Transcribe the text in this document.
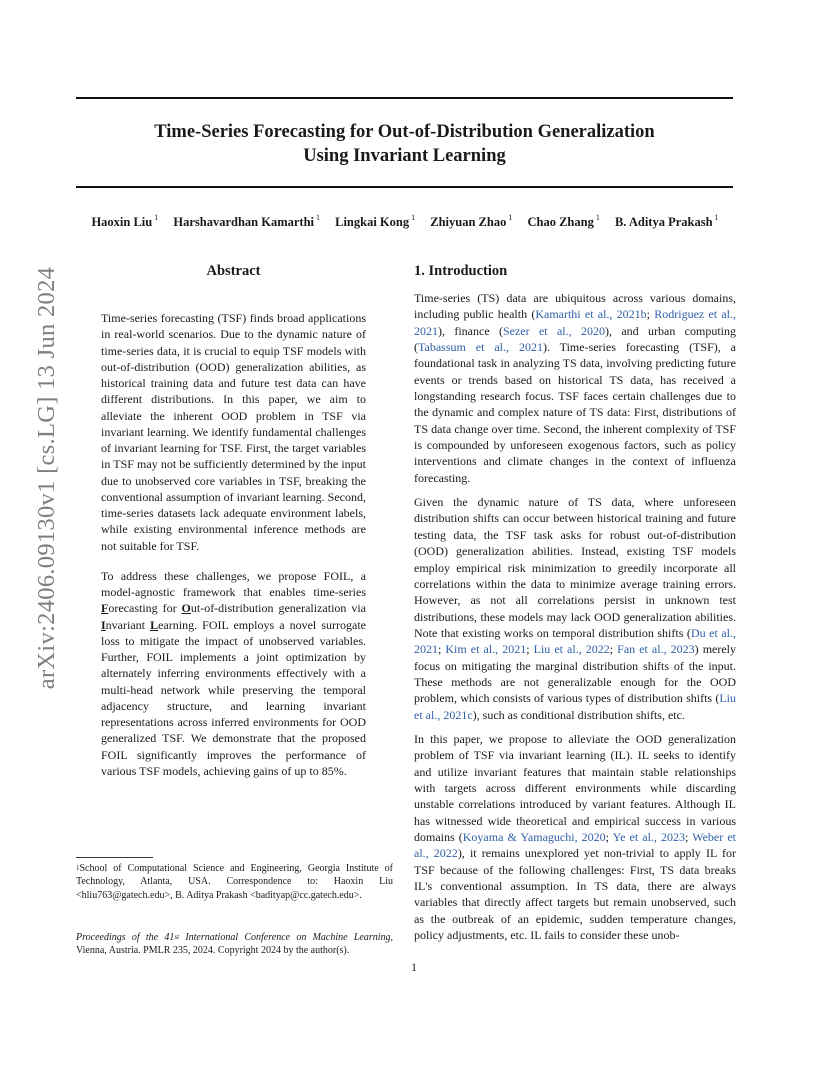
Time-Series Forecasting for Out-of-Distribution Generalization
Using Invariant Learning
Haoxin Liu $^1$ Harshavardhan Kamarthi $^1$ Lingkai Kong $^1$ Zhiyuan Zhao $^1$ Chao Zhang $^1$ B. Aditya Prakash $^1$
arXiv:2406.09130v1 [cs.LG] 13 Jun 2024	Abstract

Time-series forecasting (TSF) finds broad applications in real-world scenarios. Due to the dynamic nature of time-series data, it is crucial to equip TSF models with out-of-distribution (OOD) generalization abilities, as historical training data and future test data can have different distributions. In this paper, we aim to alleviate the inherent OOD problem in TSF via invariant learning. We identify fundamental challenges of invariant learning for TSF. First, the target variables in TSF may not be sufficiently determined by the input due to unobserved core variables in TSF, breaking the conventional assumption of invariant learning. Second, time-series datasets lack adequate environment labels, while existing environmental inference methods are not suitable for TSF.

To address these challenges, we propose FOIL, a model-agnostic framework that enables time-series Forecasting for Out-of-distribution generalization via Invariant Learning. FOIL employs a novel surrogate loss to mitigate the impact of unobserved variables. Further, FOIL implements a joint optimization by alternately inferring environments effectively with a multi-head network while preserving the temporal adjacency structure, and learning invariant representations across inferred environments for OOD generalized TSF. We demonstrate that the proposed FOIL significantly improves the performance of various TSF models, achieving gains of up to 85%.

1. Introduction

Time-series (TS) data are ubiquitous across various domains, including public health (Kamarthi et al., 2021b; Rodriguez et al., 2021), finance (Sezer et al., 2020), and urban computing (Tabassum et al., 2021). Time-series forecasting (TSF), a foundational task in analyzing TS data, involving predicting future events or trends based on historical TS data, has received a longstanding research focus. TSF faces certain challenges due to the dynamic and complex nature of TS data: First, distributions of TS data change over time. Second, the inherent complexity of TSF is compounded by unforeseen exogenous factors, such as policy interventions and climate changes in the context of influenza forecasting.

Given the dynamic nature of TS data, where unforeseen distribution shifts can occur between historical training and future testing data, the TSF task asks for robust out-of-distribution (OOD) generalization abilities. Instead, existing TSF models employ empirical risk minimization to greedily incorporate all correlations within the data to minimize average training errors. However, as not all correlations persist in unknown test distributions, these models may lack OOD generalization abilities. Note that existing works on temporal distribution shifts (Du et al., 2021; Kim et al., 2021; Liu et al., 2022; Fan et al., 2023) merely focus on mitigating the marginal distribution shifts of the input. These methods are not generalizable enough for the OOD problem, which consists of various types of distribution shifts (Liu et al., 2021c), such as conditional distribution shifts, etc.

In this paper, we propose to alleviate the OOD generalization problem of TSF via invariant learning (IL). IL seeks to identify and utilize invariant features that maintain stable relationships with targets across different environments while discarding unstable correlations introduced by variant features. Although IL has witnessed wide theoretical and empirical success in various domains (Koyama & Yamaguchi, 2020; Ye et al., 2023; Weber et al., 2022), it remains unexplored yet non-trivial to apply IL for TSF because of the following challenges: First, TS data breaks IL's conventional assumption. In TS data, there are always variables that directly affect targets but remain unobserved, such as the outbreak of an epidemic, sudden temperature changes, policy adjustments, etc. IL fails to consider these unob-

$^1$School of Computational Science and Engineering, Georgia Institute of Technology, Atlanta, USA. Correspondence to: Haoxin Liu <hliu763@gatech.edu>, B. Aditya Prakash <badityap@cc.gatech.edu>.
Proceedings of the 41st International Conference on Machine Learning, Vienna, Austria. PMLR 235, 2024. Copyright 2024 by the author(s).
1
